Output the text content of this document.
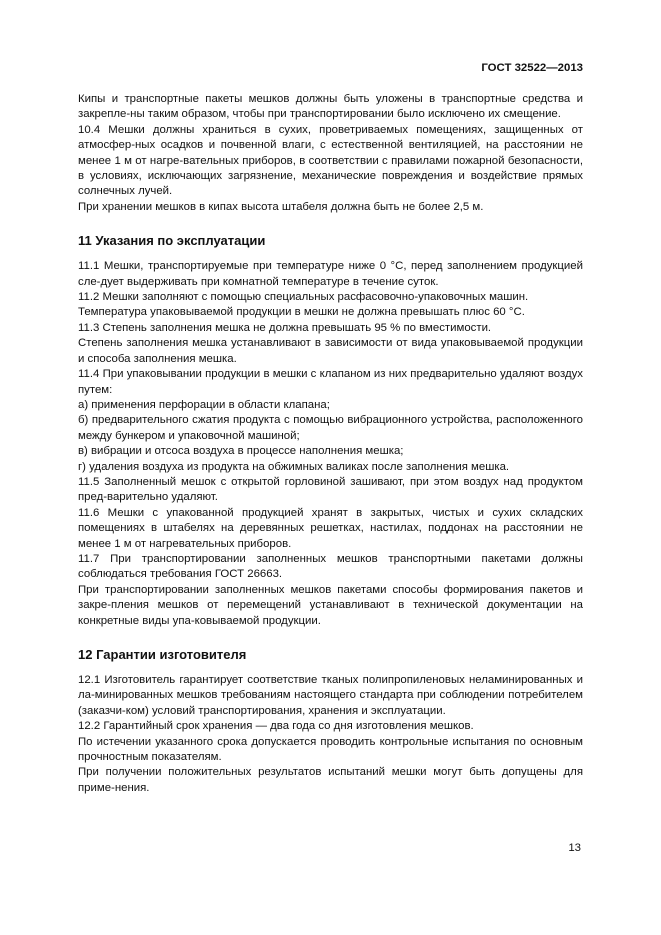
ГОСТ 32522—2013

Кипы и транспортные пакеты мешков должны быть уложены в транспортные средства и закрепле-ны таким образом, чтобы при транспортировании было исключено их смещение.

10.4 Мешки должны храниться в сухих, проветриваемых помещениях, защищенных от атмосфер-ных осадков и почвенной влаги, с естественной вентиляцией, на расстоянии не менее 1 м от нагре-вательных приборов, в соответствии с правилами пожарной безопасности, в условиях, исключающих загрязнение, механические повреждения и воздействие прямых солнечных лучей.

При хранении мешков в кипах высота штабеля должна быть не более 2,5 м.

11 Указания по эксплуатации

11.1 Мешки, транспортируемые при температуре ниже 0 °С, перед заполнением продукцией сле-дует выдерживать при комнатной температуре в течение суток.

11.2 Мешки заполняют с помощью специальных расфасовочно-упаковочных машин.

Температура упаковываемой продукции в мешки не должна превышать плюс 60 °С.

11.3 Степень заполнения мешка не должна превышать 95 % по вместимости.

Степень заполнения мешка устанавливают в зависимости от вида упаковываемой продукции и способа заполнения мешка.

11.4 При упаковывании продукции в мешки с клапаном из них предварительно удаляют воздух путем:

а) применения перфорации в области клапана;

б) предварительного сжатия продукта с помощью вибрационного устройства, расположенного между бункером и упаковочной машиной;

в) вибрации и отсоса воздуха в процессе наполнения мешка;

г) удаления воздуха из продукта на обжимных валиках после заполнения мешка.

11.5 Заполненный мешок с открытой горловиной зашивают, при этом воздух над продуктом пред-варительно удаляют.

11.6 Мешки с упакованной продукцией хранят в закрытых, чистых и сухих складских помещениях в штабелях на деревянных решетках, настилах, поддонах на расстоянии не менее 1 м от нагревательных приборов.

11.7 При транспортировании заполненных мешков транспортными пакетами должны соблюдаться требования ГОСТ 26663.

При транспортировании заполненных мешков пакетами способы формирования пакетов и закре-пления мешков от перемещений устанавливают в технической документации на конкретные виды упа-ковываемой продукции.

12 Гарантии изготовителя

12.1 Изготовитель гарантирует соответствие тканых полипропиленовых неламинированных и ла-минированных мешков требованиям настоящего стандарта при соблюдении потребителем (заказчи-ком) условий транспортирования, хранения и эксплуатации.

12.2 Гарантийный срок хранения — два года со дня изготовления мешков.

По истечении указанного срока допускается проводить контрольные испытания по основным прочностным показателям.

При получении положительных результатов испытаний мешки могут быть допущены для приме-нения.

13
